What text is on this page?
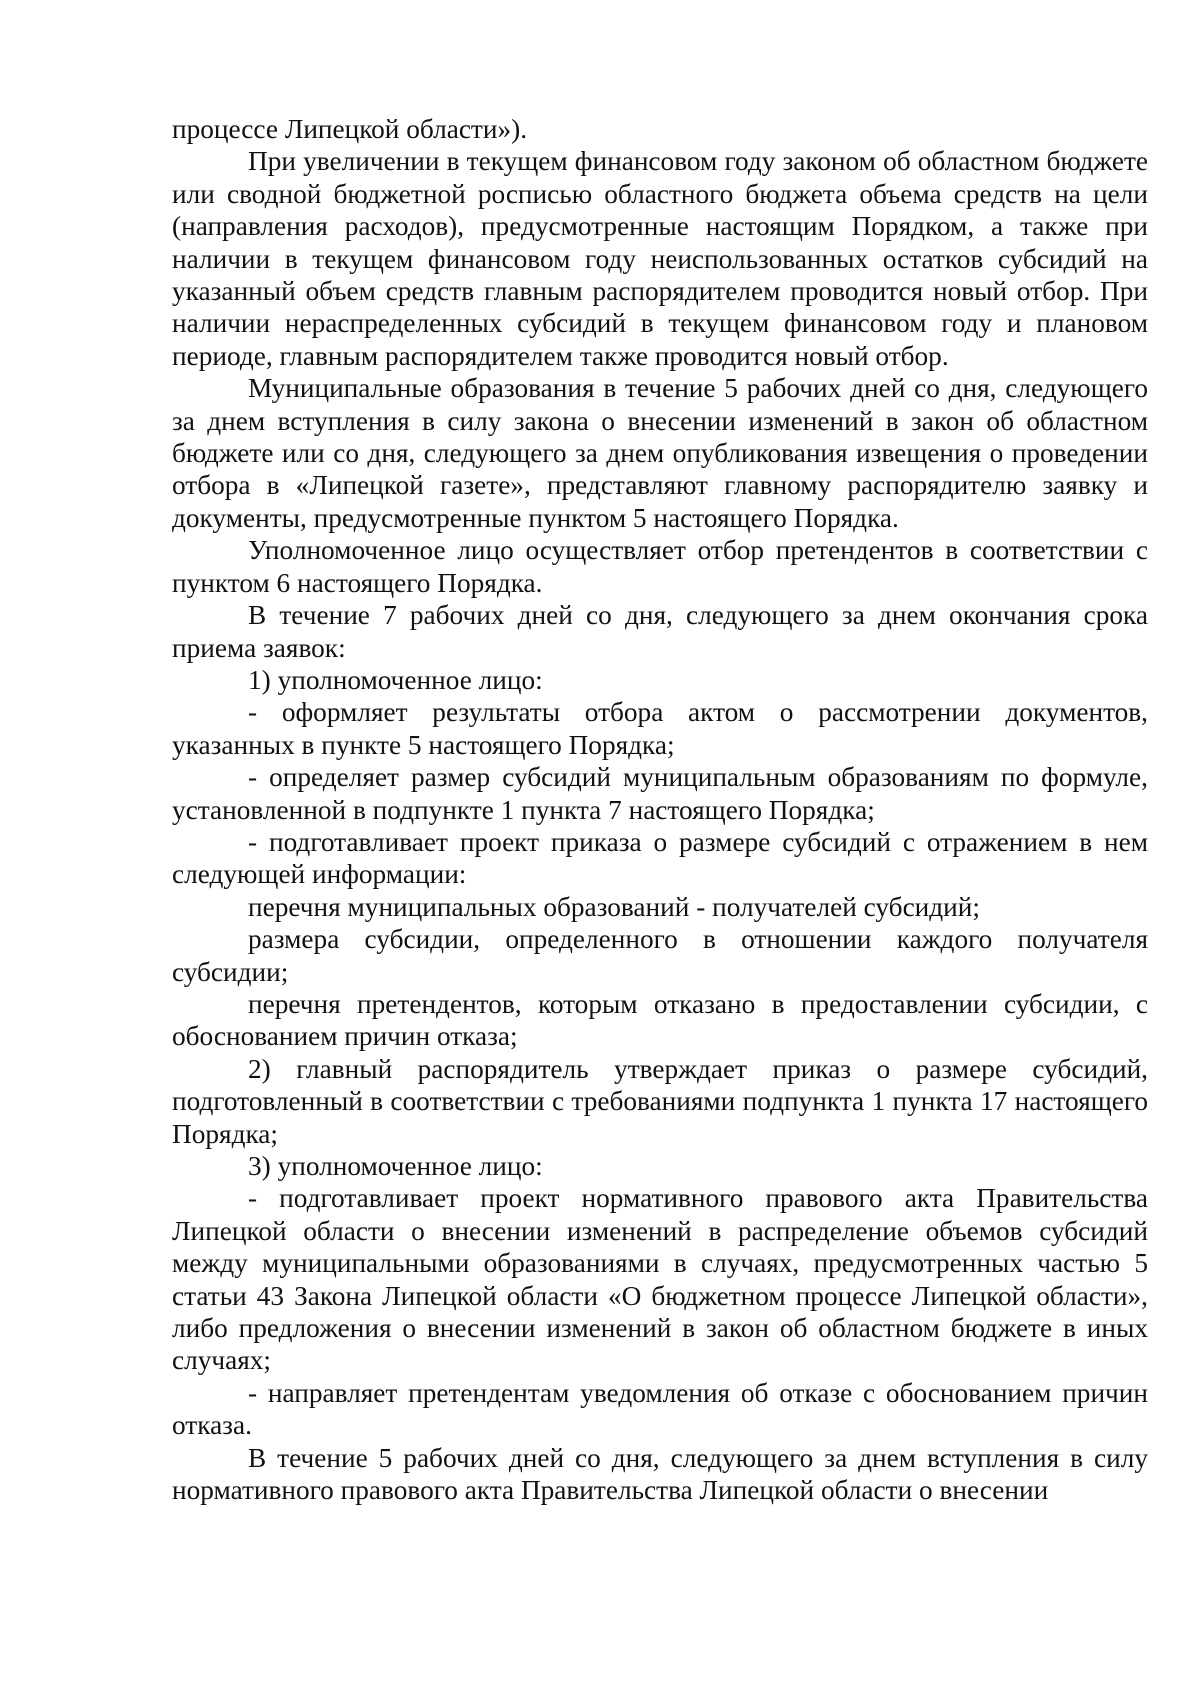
процессе Липецкой области»).

При увеличении в текущем финансовом году законом об областном бюджете или сводной бюджетной росписью областного бюджета объема средств на цели (направления расходов), предусмотренные настоящим Порядком, а также при наличии в текущем финансовом году неиспользованных остатков субсидий на указанный объем средств главным распорядителем проводится новый отбор. При наличии нераспределенных субсидий в текущем финансовом году и плановом периоде, главным распорядителем также проводится новый отбор.

Муниципальные образования в течение 5 рабочих дней со дня, следующего за днем вступления в силу закона о внесении изменений в закон об областном бюджете или со дня, следующего за днем опубликования извещения о проведении отбора в «Липецкой газете», представляют главному распорядителю заявку и документы, предусмотренные пунктом 5 настоящего Порядка.

Уполномоченное лицо осуществляет отбор претендентов в соответствии с пунктом 6 настоящего Порядка.

В течение 7 рабочих дней со дня, следующего за днем окончания срока приема заявок:

1) уполномоченное лицо:

- оформляет результаты отбора актом о рассмотрении документов, указанных в пункте 5 настоящего Порядка;

- определяет размер субсидий муниципальным образованиям по формуле, установленной в подпункте 1 пункта 7 настоящего Порядка;

- подготавливает проект приказа о размере субсидий с отражением в нем следующей информации:

перечня муниципальных образований - получателей субсидий;

размера субсидии, определенного в отношении каждого получателя субсидии;

перечня претендентов, которым отказано в предоставлении субсидии, с обоснованием причин отказа;

2) главный распорядитель утверждает приказ о размере субсидий, подготовленный в соответствии с требованиями подпункта 1 пункта 17 настоящего Порядка;

3) уполномоченное лицо:

- подготавливает проект нормативного правового акта Правительства Липецкой области о внесении изменений в распределение объемов субсидий между муниципальными образованиями в случаях, предусмотренных частью 5 статьи 43 Закона Липецкой области «О бюджетном процессе Липецкой области», либо предложения о внесении изменений в закон об областном бюджете в иных случаях;

- направляет претендентам уведомления об отказе с обоснованием причин отказа.

В течение 5 рабочих дней со дня, следующего за днем вступления в силу нормативного правового акта Правительства Липецкой области о внесении
